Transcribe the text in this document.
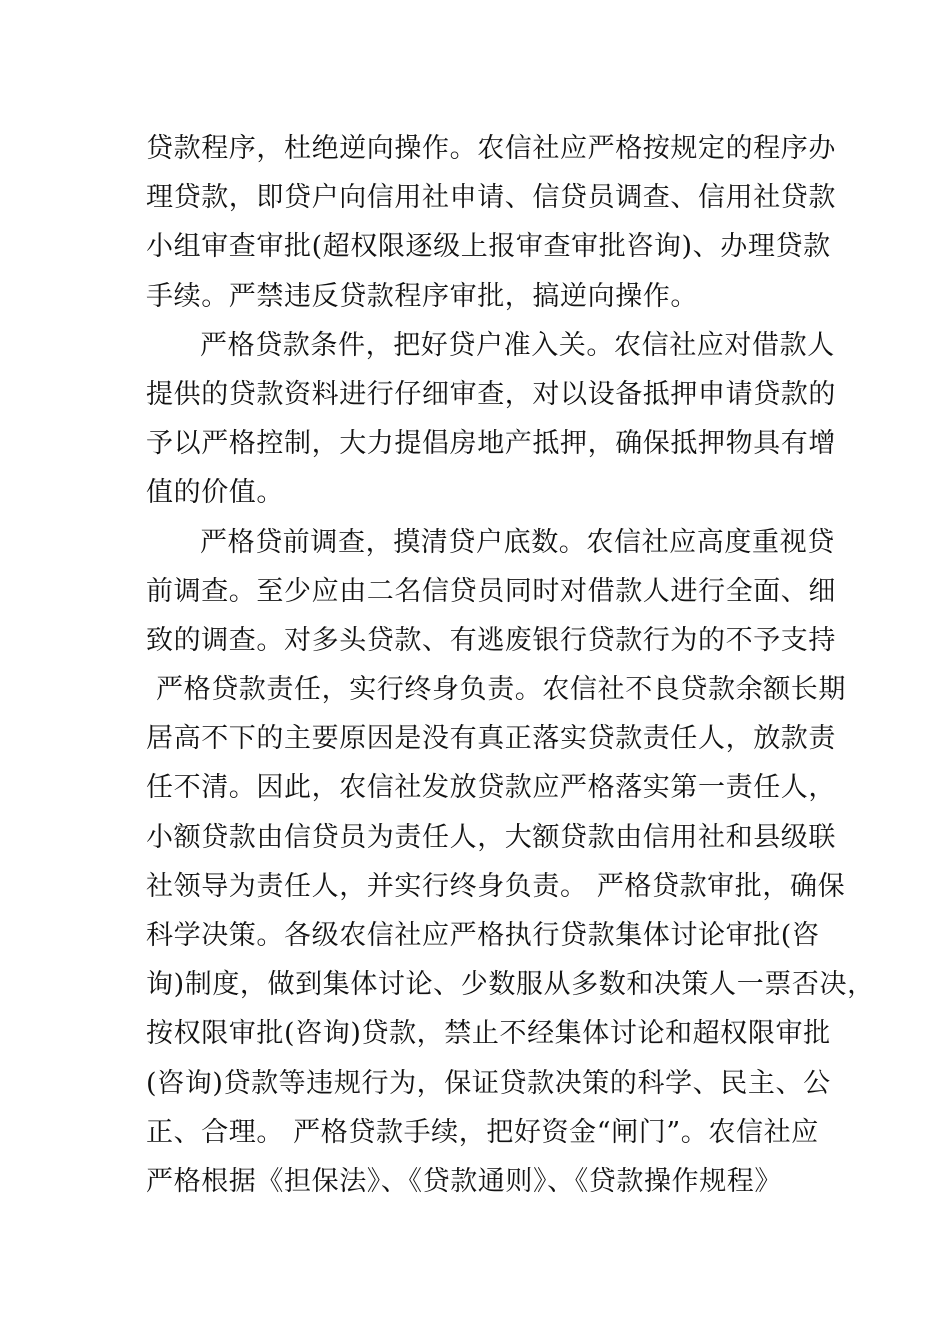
贷款程序，杜绝逆向操作。农信社应严格按规定的程序办
理贷款，即贷户向信用社申请、信贷员调查、信用社贷款
小组审查审批(超权限逐级上报审查审批咨询)、办理贷款
手续。严禁违反贷款程序审批，搞逆向操作。
严格贷款条件，把好贷户准入关。农信社应对借款人
提供的贷款资料进行仔细审查，对以设备抵押申请贷款的
予以严格控制，大力提倡房地产抵押，确保抵押物具有增
值的价值。
严格贷前调查，摸清贷户底数。农信社应高度重视贷
前调查。至少应由二名信贷员同时对借款人进行全面、细
致的调查。对多头贷款、有逃废银行贷款行为的不予支持
严格贷款责任，实行终身负责。农信社不良贷款余额长期
居高不下的主要原因是没有真正落实贷款责任人，放款责
任不清。因此，农信社发放贷款应严格落实第一责任人，
小额贷款由信贷员为责任人，大额贷款由信用社和县级联
社领导为责任人，并实行终身负责。 严格贷款审批，确保
科学决策。各级农信社应严格执行贷款集体讨论审批(咨
询)制度，做到集体讨论、少数服从多数和决策人一票否决，
按权限审批(咨询)贷款，禁止不经集体讨论和超权限审批
(咨询)贷款等违规行为，保证贷款决策的科学、民主、公
正、合理。 严格贷款手续，把好资金“闸门”。农信社应
严格根据《担保法》、《贷款通则》、《贷款操作规程》
